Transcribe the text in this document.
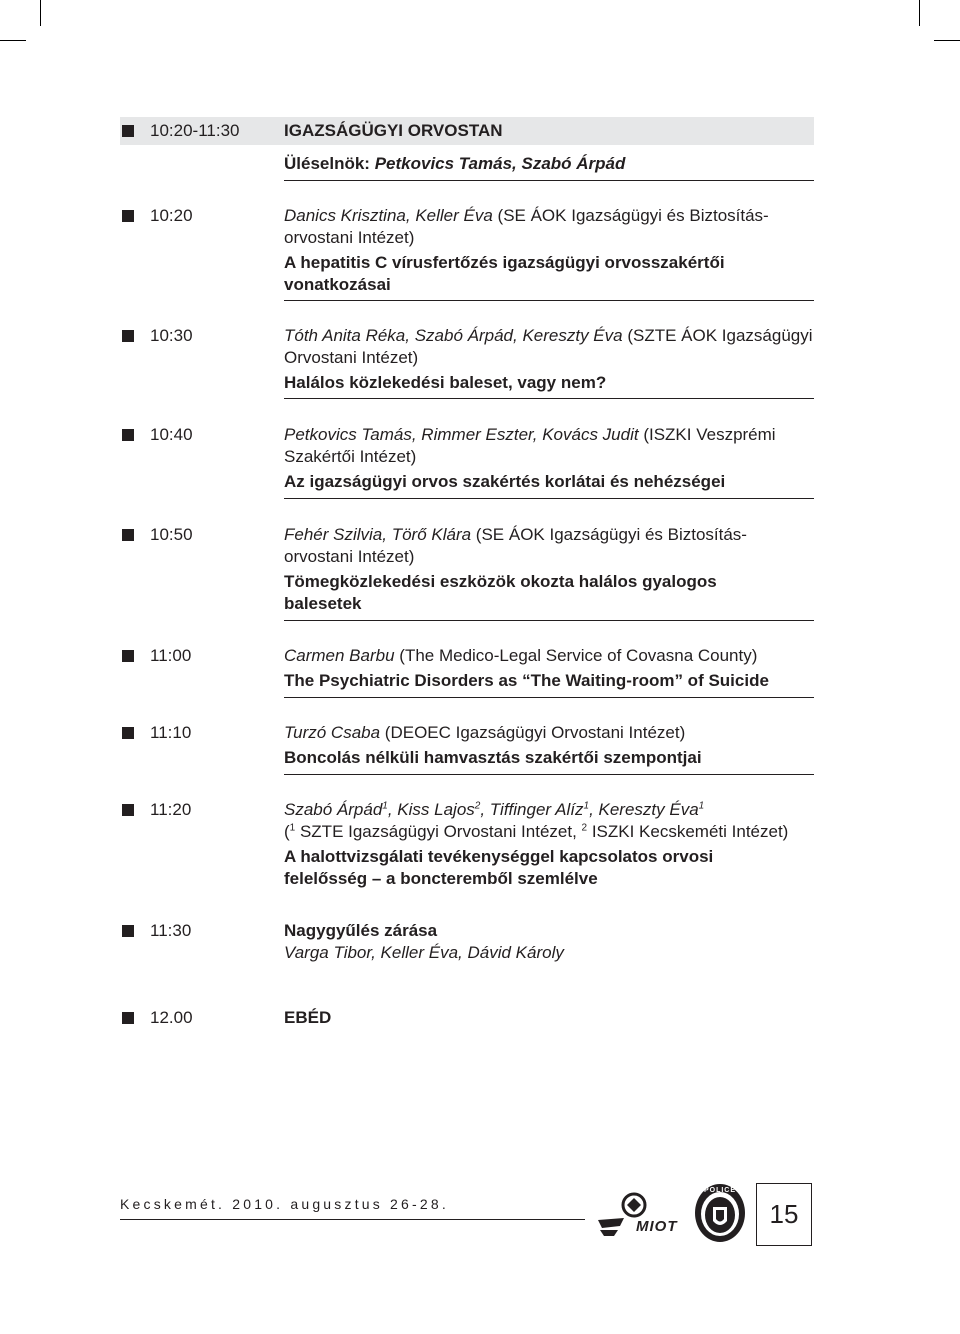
10:20-11:30	IGAZSÁGÜGYI ORVOSTAN
Üléselnök: Petkovics Tamás, Szabó Árpád
10:20	Danics Krisztina, Keller Éva (SE ÁOK Igazságügyi és Biztosítás-orvostani Intézet)
A hepatitis C vírusfertőzés igazságügyi orvosszakértői vonatkozásai
10:30	Tóth Anita Réka, Szabó Árpád, Keresztу Éva (SZTE ÁOK Igazságügyi Orvostani Intézet)
Halálos közlekedési baleset, vagy nem?
10:40	Petkovics Tamás, Rimmer Eszter, Kovács Judit (ISZKI Veszprémi Szakértői Intézet)
Az igazságügyi orvos szakértés korlátai és nehézségei
10:50	Fehér Szilvia, Törő Klára (SE ÁOK Igazságügyi és Biztosítás-orvostani Intézet)
Tömegközlekedési eszközök okozta halálos gyalogos balesetek
11:00	Carmen Barbu (The Medico-Legal Service of Covasna County)
The Psychiatric Disorders as “The Waiting-room” of Suicide
11:10	Turzó Csaba (DEOEC Igazságügyi Orvostani Intézet)
Boncolás nélküli hamvasztás szakértői szempontjai
11:20	Szabó Árpád$^1$, Kiss Lajos$^2$, Tiffinger Alíz$^1$, Keresztу Éva$^1$
($^1$ SZTE Igazságügyi Orvostani Intézet, $^2$ ISZKI Kecskeméti Intézet)
A halottvizsgálati tevékenységgel kapcsolatos orvosi felelősség – a boncteremből szemlélve
11:30	Nagygyűlés zárása
Varga Tibor, Keller Éva, Dávid Károly
12.00	EBÉD
Kecskemét. 2010. augusztus 26-28.
MIOT
POLICE
15
